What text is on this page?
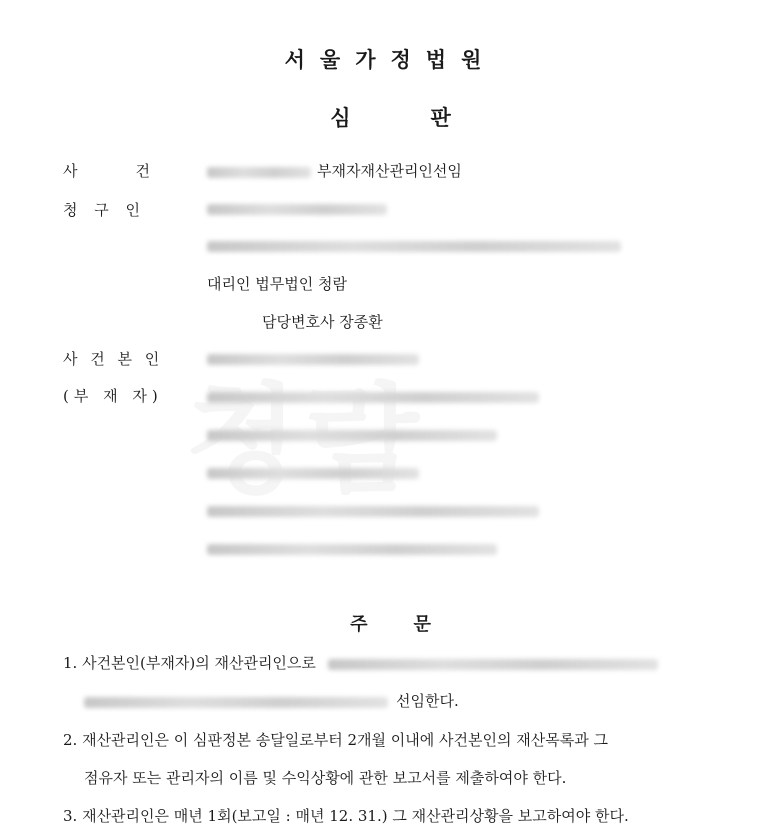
서울가정법원
심	판
사	건	부재자재산관리인선임
청 구 인
대리인 법무법인 청람
담당변호사 장종환
사 건 본 인
(부 재 자)
주	문
1. 사건본인(부재자)의 재산관리인으로
선임한다.
2. 재산관리인은 이 심판정본 송달일로부터 2개월 이내에 사건본인의 재산목록과 그
점유자 또는 관리자의 이름 및 수익상황에 관한 보고서를 제출하여야 한다.
3. 재산관리인은 매년 1회(보고일 : 매년 12. 31.) 그 재산관리상황을 보고하여야 한다.
